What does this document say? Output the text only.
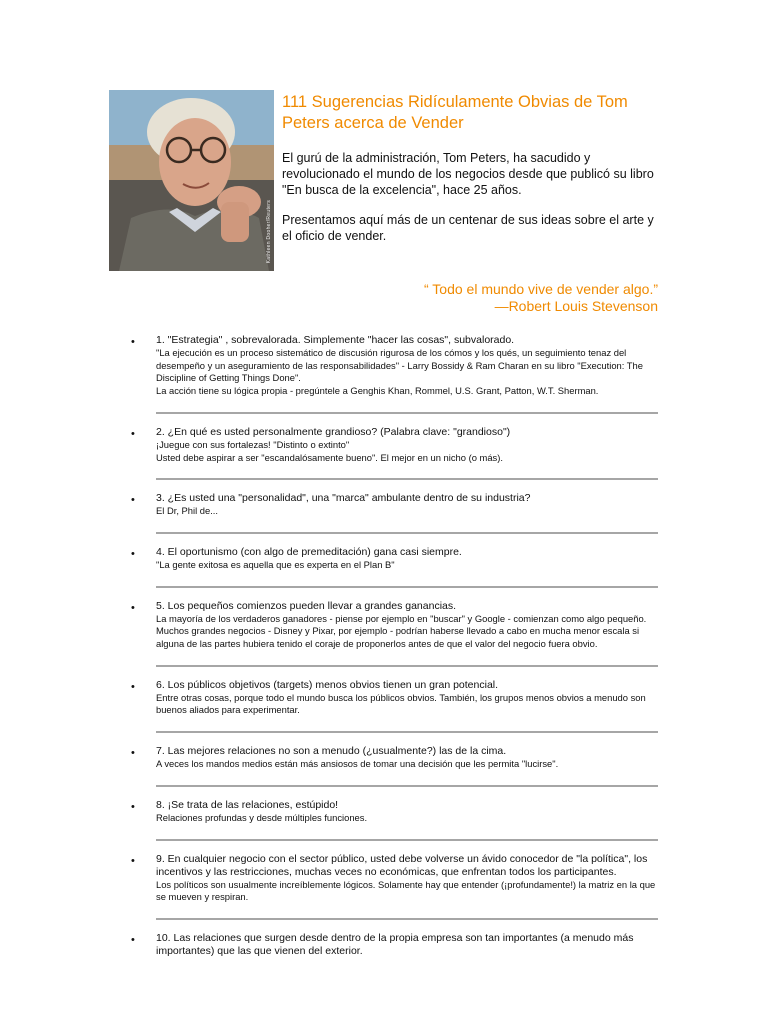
Kathleen Dooher/Reuters
111 Sugerencias Ridículamente Obvias de Tom Peters acerca de Vender

El gurú de la administración, Tom Peters, ha sacudido y revolucionado el mundo de los negocios desde que publicó su libro "En busca de la excelencia", hace 25 años.

Presentamos aquí más de un centenar de sus ideas sobre el arte y el oficio de vender.

“ Todo el mundo vive de vender algo.”
—Robert Louis Stevenson
• 1. "Estrategia" , sobrevalorada. Simplemente "hacer las cosas", subvalorado.
"La ejecución es un proceso sistemático de discusión rigurosa de los cómos y los qués, un seguimiento tenaz del desempeño y un aseguramiento de las responsabilidades" - Larry Bossidy & Ram Charan en su libro "Execution: The Discipline of Getting Things Done".
La acción tiene su lógica propia - pregúntele a Genghis Khan, Rommel, U.S. Grant, Patton, W.T. Sherman.
• 2. ¿En qué es usted personalmente grandioso? (Palabra clave: "grandioso")
¡Juegue con sus fortalezas! "Distinto o extinto"
Usted debe aspirar a ser "escandalósamente bueno". El mejor en un nicho (o más).
• 3. ¿Es usted una "personalidad", una "marca" ambulante dentro de su industria?
El Dr, Phil de...
• 4. El oportunismo (con algo de premeditación) gana casi siempre.
"La gente exitosa es aquella que es experta en el Plan B"
• 5. Los pequeños comienzos pueden llevar a grandes ganancias.
La mayoría de los verdaderos ganadores - piense por ejemplo en "buscar" y Google - comienzan como algo pequeño. Muchos grandes negocios - Disney y Pixar, por ejemplo - podrían haberse llevado a cabo en mucha menor escala si alguna de las partes hubiera tenido el coraje de proponerlos antes de que el valor del negocio fuera obvio.
• 6. Los públicos objetivos (targets) menos obvios tienen un gran potencial.
Entre otras cosas, porque todo el mundo busca los públicos obvios. También, los grupos menos obvios a menudo son buenos aliados para experimentar.
• 7. Las mejores relaciones no son a menudo (¿usualmente?) las de la cima.
A veces los mandos medios están más ansiosos de tomar una decisión que les permita "lucirse".
• 8. ¡Se trata de las relaciones, estúpido!
Relaciones profundas y desde múltiples funciones.
• 9. En cualquier negocio con el sector público, usted debe volverse un ávido conocedor de "la política", los incentivos y las restricciones, muchas veces no económicas, que enfrentan todos los participantes.
Los políticos son usualmente increíblemente lógicos. Solamente hay que entender (¡profundamente!) la matriz en la que se mueven y respiran.
• 10. Las relaciones que surgen desde dentro de la propia empresa son tan importantes (a menudo más importantes) que las que vienen del exterior.
